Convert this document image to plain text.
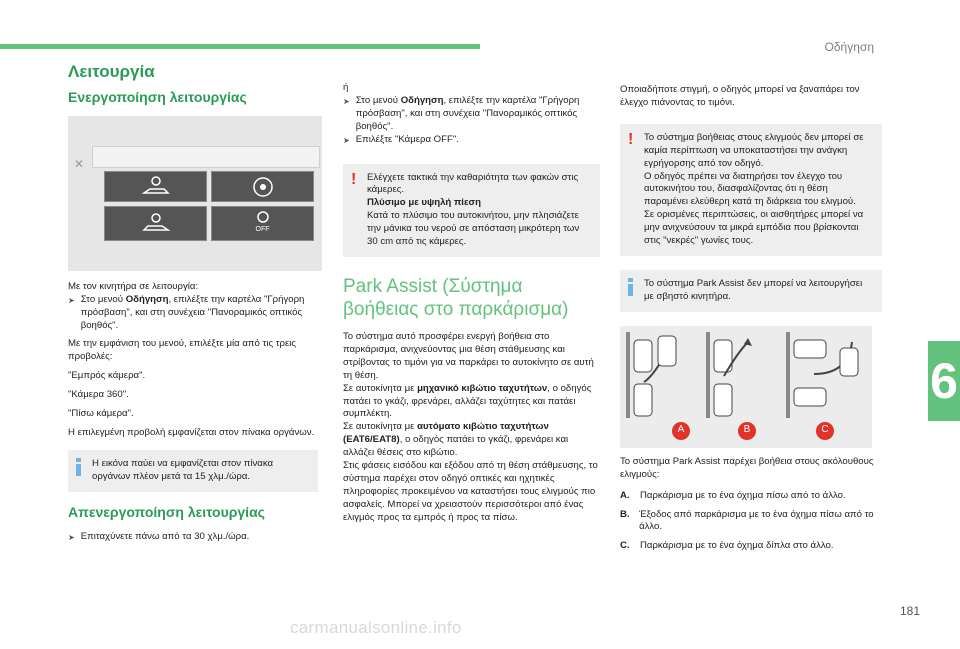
Οδήγηση
6
181
Λειτουργία
Ενεργοποίηση λειτουργίας
✕
OFF

Με τον κινητήρα σε λειτουργία:

➤ Στο μενού Οδήγηση, επιλέξτε την καρτέλα "Γρήγορη πρόσβαση", και στη συνέχεια "Πανοραμικός οπτικός βοηθός".

Με την εμφάνιση του μενού, επιλέξτε μία από τις τρεις προβολές:

"Εμπρός κάμερα".

"Κάμερα 360".

"Πίσω κάμερα".

Η επιλεγμένη προβολή εμφανίζεται στον πίνακα οργάνων.

Η εικόνα παύει να εμφανίζεται στον πίνακα οργάνων πλέον μετά τα 15 χλμ./ώρα.
Απενεργοποίηση λειτουργίας
➤ Επιταχύνετε πάνω από τα 30 χλμ./ώρα.

ή

➤ Στο μενού Οδήγηση, επιλέξτε την καρτέλα "Γρήγορη πρόσβαση", και στη συνέχεια "Πανοραμικός οπτικός βοηθός".

➤ Επιλέξτε "Κάμερα OFF".
! Ελέγχετε τακτικά την καθαριότητα των φακών στις κάμερες.

Πλύσιμο με υψηλή πίεση

Κατά το πλύσιμο του αυτοκινήτου, μην πλησιάζετε την μάνικα του νερού σε απόσταση μικρότερη των 30 cm από τις κάμερες.

Park Assist (Σύστημα βοήθειας στο παρκάρισμα)

Το σύστημα αυτό προσφέρει ενεργή βοήθεια στο παρκάρισμα, ανιχνεύοντας μια θέση στάθμευσης και στρίβοντας το τιμόνι για να παρκάρει το αυτοκίνητο σε αυτή τη θέση.

Σε αυτοκίνητα με μηχανικό κιβώτιο ταχυτήτων, ο οδηγός πατάει το γκάζι, φρενάρει, αλλάζει ταχύτητες και πατάει συμπλέκτη.

Σε αυτοκίνητα με αυτόματο κιβώτιο ταχυτήτων (EAT6/EAT8), ο οδηγός πατάει το γκάζι, φρενάρει και αλλάζει θέσεις στο κιβώτιο.

Στις φάσεις εισόδου και εξόδου από τη θέση στάθμευσης, το σύστημα παρέχει στον οδηγό οπτικές και ηχητικές πληροφορίες προκειμένου να καταστήσει τους ελιγμούς πιο ασφαλείς. Μπορεί να χρειαστούν περισσότεροι από ένας ελιγμός προς τα εμπρός ή προς τα πίσω.

Οποιαδήποτε στιγμή, ο οδηγός μπορεί να ξαναπάρει τον έλεγχο πιάνοντας το τιμόνι.

! Το σύστημα βοήθειας στους ελιγμούς δεν μπορεί σε καμία περίπτωση να υποκαταστήσει την ανάγκη εγρήγορσης από τον οδηγό.

Ο οδηγός πρέπει να διατηρήσει τον έλεγχο του αυτοκινήτου του, διασφαλίζοντας ότι η θέση παραμένει ελεύθερη κατά τη διάρκεια του ελιγμού.

Σε ορισμένες περιπτώσεις, οι αισθητήρες μπορεί να μην ανιχνεύσουν τα μικρά εμπόδια που βρίσκονται στις "νεκρές" γωνίες τους.

Το σύστημα Park Assist δεν μπορεί να λειτουργήσει με σβηστό κινητήρα.
A	B	C

Το σύστημα Park Assist παρέχει βοήθεια στους ακόλουθους ελιγμούς:

A.	Παρκάρισμα με το ένα όχημα πίσω από το άλλο.
B. Έξοδος από παρκάρισμα με το ένα όχημα πίσω από το άλλο.
C.	Παρκάρισμα με το ένα όχημα δίπλα στο άλλο.
carmanualsonline.info
